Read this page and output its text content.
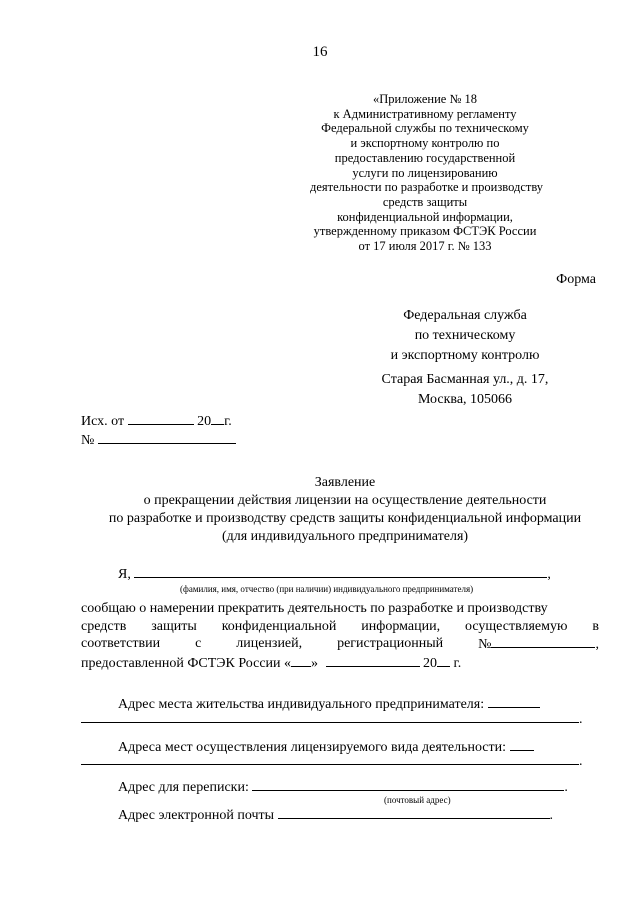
16
«Приложение № 18
к Административному регламенту
Федеральной службы по техническому
и экспортному контролю по
предоставлению государственной
услуги по лицензированию
деятельности по разработке и производству
средств защиты
конфиденциальной информации,
утвержденному приказом ФСТЭК России
от 17 июля 2017 г. № 133
Форма
Федеральная служба
по техническому
и экспортному контролю
Старая Басманная ул., д. 17,
Москва, 105066
Исх. от	20 г.
№
Заявление
о прекращении действия лицензии на осуществление деятельности
по разработке и производству средств защиты конфиденциальной информации
(для индивидуального предпринимателя)
Я,	,
(фамилия, имя, отчество (при наличии) индивидуального предпринимателя)
сообщаю о намерении прекратить деятельность по разработке и производству
средств защиты конфиденциальной информации, осуществляемую в
соответствии с лицензией, регистрационный №	,
предоставленной ФСТЭК России « »	20 г.
Адрес места жительства индивидуального предпринимателя:
.
Адреса мест осуществления лицензируемого вида деятельности:
.
Адрес для переписки:	.
(почтовый адрес)
Адрес электронной почты	.
